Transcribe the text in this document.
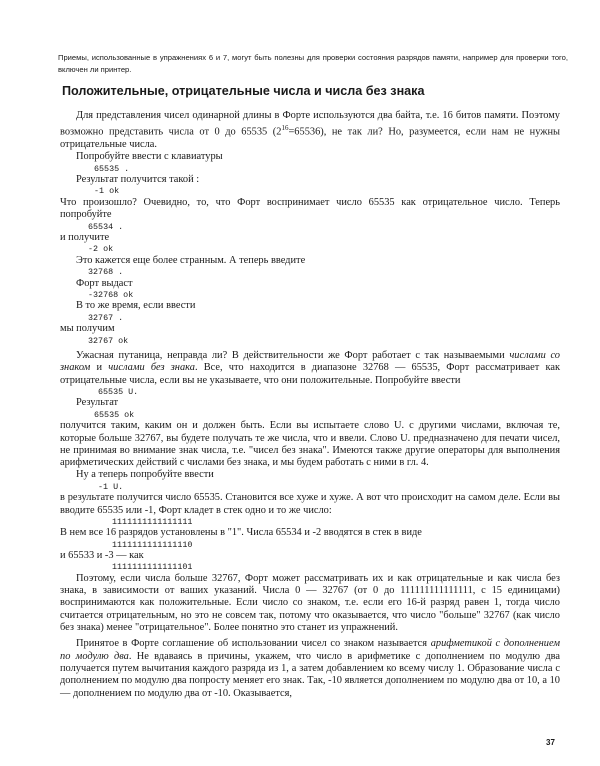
Приемы, использованные в упражнениях 6 и 7, могут быть полезны для проверки состояния разрядов памяти, например для проверки того, включен ли принтер.
Положительные, отрицательные числа и числа без знака

Для представления чисел одинарной длины в Форте используются два байта, т.е. 16 битов памяти. Поэтому возможно представить числа от 0 до 65535 $(2^{16}=65536)$, не так ли? Но, разумеется, если нам не нужны отрицательные числа.

Попробуйте ввести с клавиатуры

65535 .

Результат получится такой :

-1 ok

Что произошло? Очевидно, то, что Форт воспринимает число 65535 как отрицательное число. Теперь попробуйте

65534 .

и получите

-2 ok

Это кажется еще более странным. А теперь введите

32768 .

Форт выдаст

-32768 ok

В то же время, если ввести

32767 .

мы получим

32767 ok

Ужасная путаница, неправда ли? В действительности же Форт работает с так называемыми числами со знаком и числами без знака. Все, что находится в диапазоне 32768 — 65535, Форт рассматривает как отрицательные числа, если вы не указываете, что они положительные. Попробуйте ввести

65535 U.

Результат

65535 ok

получится таким, каким он и должен быть. Если вы испытаете слово U. с другими числами, включая те, которые больше 32767, вы будете получать те же числа, что и ввели. Слово U. предназначено для печати чисел, не принимая во внимание знак числа, т.е. "чисел без знака". Имеются также другие операторы для выполнения арифметических действий с числами без знака, и мы будем работать с ними в гл. 4.

Ну а теперь попробуйте ввести

-1 U.

в результате получится число 65535. Становится все хуже и хуже. А вот что происходит на самом деле. Если вы вводите 65535 или -1, Форт кладет в стек одно и то же число:

1111111111111111

В нем все 16 разрядов установлены в "1". Числа 65534 и -2 вводятся в стек в виде

1111111111111110

и 65533 и -3 — как

1111111111111101

Поэтому, если числа больше 32767, Форт может рассматривать их и как отрицательные и как числа без знака, в зависимости от ваших указаний. Числа 0 — 32767 (от 0 до 111111111111111, с 15 единицами) воспринимаются как положительные. Если число со знаком, т.е. если его 16-й разряд равен 1, тогда число считается отрицательным, но это не совсем так, потому что оказывается, что число "больше" 32767 (как число без знака) менее "отрицательное". Более понятно это станет из упражнений.

Принятое в Форте соглашение об использовании чисел со знаком называется арифметикой с дополнением по модулю два. Не вдаваясь в причины, укажем, что число в арифметике с дополнением по модулю два получается путем вычитания каждого разряда из 1, а затем добавлением ко всему числу 1. Образование числа с дополнением по модулю два попросту меняет его знак. Так, -10 является дополнением по модулю два от 10, а 10 — дополнением по модулю два от -10. Оказывается,

37
